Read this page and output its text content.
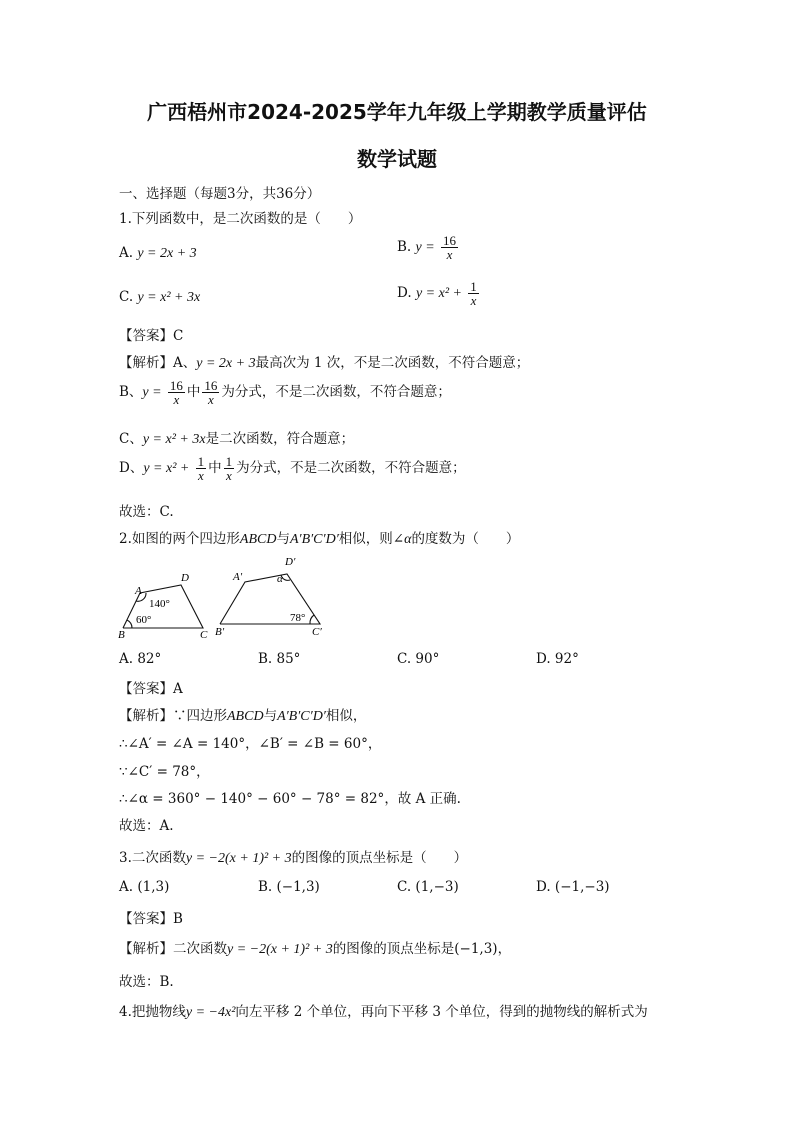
广西梧州市2024-2025学年九年级上学期教学质量评估
数学试题
一、选择题（每题3分，共36分）
1.下列函数中，是二次函数的是（　　）
A. y = 2x + 3	B. $y = \frac{16}{x}$
C. y = x² + 3x	D. $y = x^2 + \frac{1}{x}$
【答案】C
【解析】A、y = 2x + 3最高次为 1 次，不是二次函数，不符合题意；
B、$y = \frac{16}{x}$ 中 $\frac{16}{x}$ 为分式，不是二次函数，不符合题意；
C、y = x² + 3x是二次函数，符合题意；
D、$y = x^2 + \frac{1}{x}$ 中 $\frac{1}{x}$ 为分式，不是二次函数，不符合题意；
故选：C.
2.如图的两个四边形ABCD与A′B′C′D′相似，则∠α的度数为（　　）
A
B	C
D
140°
60°
A′
B′	C′
D′
α
78°
A. 82°	B. 85°	C. 90°	D. 92°
【答案】A
【解析】∵四边形ABCD与A′B′C′D′相似，
∴∠A′ = ∠A = 140°，∠B′ = ∠B = 60°，
∵∠C′ = 78°，
∴∠α = 360° − 140° − 60° − 78° = 82°，故 A 正确.
故选：A.
3.二次函数y = −2(x + 1)² + 3的图像的顶点坐标是（　　）
A. (1,3)	B. (−1,3)	C. (1,−3)	D. (−1,−3)
【答案】B
【解析】二次函数y = −2(x + 1)² + 3的图像的顶点坐标是(−1,3)，
故选：B.
4.把抛物线y = −4x²向左平移 2 个单位，再向下平移 3 个单位，得到的抛物线的解析式为
